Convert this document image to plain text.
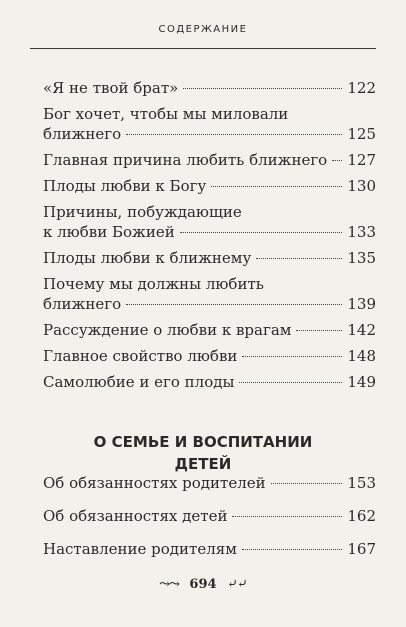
СОДЕРЖАНИЕ
«Я не твой брат»	122
Бог хочет, чтобы мы миловали
ближнего	125
Главная причина любить ближнего 127
Плоды любви к Богу	130
Причины, побуждающие
к любви Божией	133
Плоды любви к ближнему	135
Почему мы должны любить
ближнего	139
Рассуждение о любви к врагам	142
Главное свойство любви	148
Самолюбие и его плоды	149
О СЕМЬЕ И ВОСПИТАНИИ
ДЕТЕЙ
Об обязанностях родителей	153
Об обязанностях детей	162
Наставление родителям	167
⤳⤳ 694 ⤶⤶
